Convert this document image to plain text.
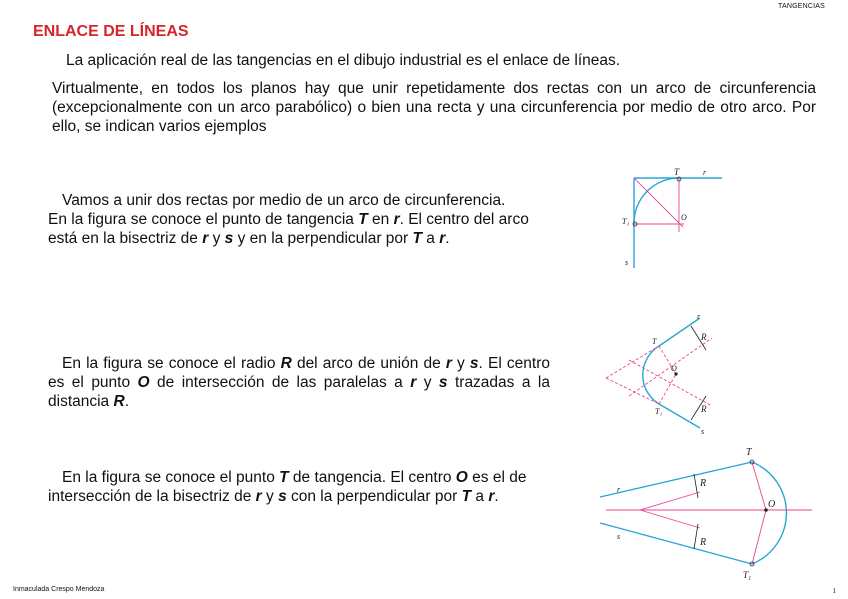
TANGENCIAS
ENLACE DE LÍNEAS
La aplicación real de las tangencias en el dibujo industrial es el enlace de líneas.
Virtualmente, en todos los planos hay que unir repetidamente dos rectas con un arco de circunferencia (excepcionalmente con un arco parabólico) o bien una recta y una circunferencia por medio de otro arco. Por ello, se indican varios ejemplos
Vamos a unir dos rectas por medio de un arco de circunferencia.
En la figura se conoce el punto de tangencia T en r. El centro del arco
está en la bisectriz de r y s y en la perpendicular por T a r.
En la figura se conoce el radio R del arco de unión de r y s. El centro es el punto O de intersección de las paralelas a r y s trazadas a la distancia R.
En la figura se conoce el punto T de tangencia. El centro O es el de
intersección de la bisectriz de r y s con la perpendicular por T a r.
T	r
T₁	O
s
r
T	R
O
T₁	R
s
T
r
R
O
s
R
T₁
Inmaculada Crespo Mendoza	1
